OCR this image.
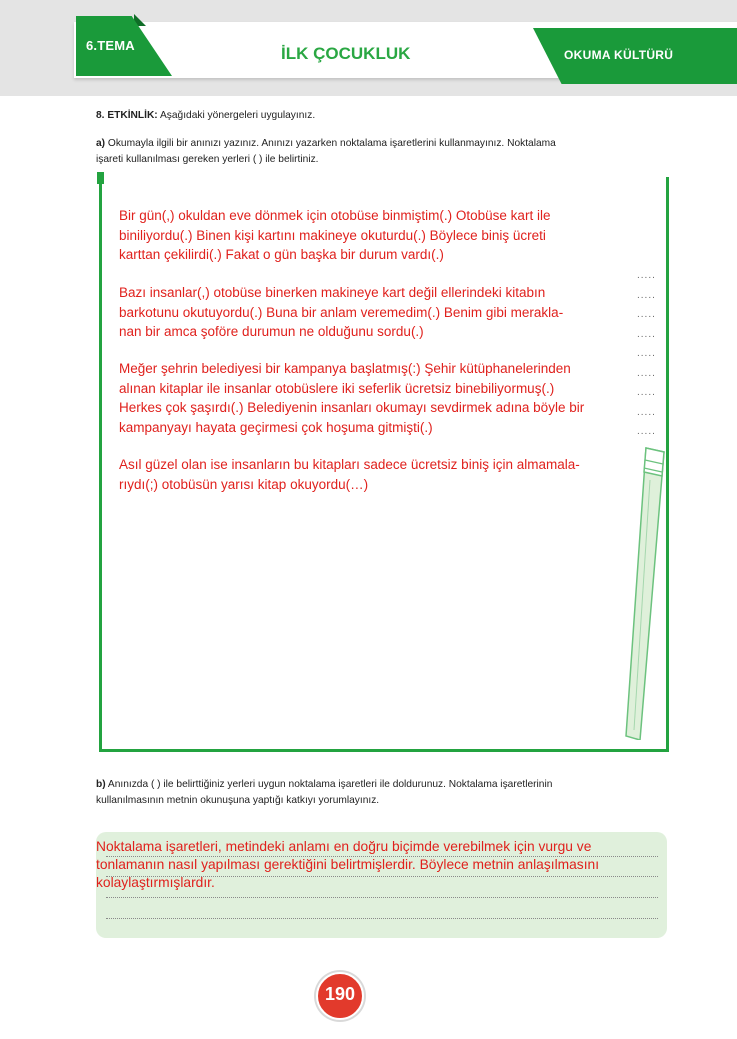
6.TEMA	İLK ÇOCUKLUK	OKUMA KÜLTÜRÜ
8. ETKİNLİK: Aşağıdaki yönergeleri uygulayınız.
a) Okumayla ilgili bir anınızı yazınız. Anınızı yazarken noktalama işaretlerini kullanmayınız. Noktalama
işareti kullanılması gereken yerleri ( ) ile belirtiniz.
Bir gün(,) okuldan eve dönmek için otobüse binmiştim(.) Otobüse kart ile
biniliyordu(.) Binen kişi kartını makineye okuturdu(.) Böylece biniş ücreti
karttan çekilirdi(.) Fakat o gün başka bir durum vardı(.)
Bazı insanlar(,) otobüse binerken makineye kart değil ellerindeki kitabın
barkotunu okutuyordu(.) Buna bir anlam veremedim(.) Benim gibi merakla-
nan bir amca şoföre durumun ne olduğunu sordu(.)
Meğer şehrin belediyesi bir kampanya başlatmış(:) Şehir kütüphanelerinden
alınan kitaplar ile insanlar otobüslere iki seferlik ücretsiz binebiliyormuş(.)
Herkes çok şaşırdı(.) Belediyenin insanları okumayı sevdirmek adına böyle bir
kampanyayı hayata geçirmesi çok hoşuma gitmişti(.)
Asıl güzel olan ise insanların bu kitapları sadece ücretsiz biniş için almamala-
rıydı(;) otobüsün yarısı kitap okuyordu(…)
.....
.....
.....
.....
.....
.....
.....
.....
.....
b) Anınızda ( ) ile belirttiğiniz yerleri uygun noktalama işaretleri ile doldurunuz. Noktalama işaretlerinin
kullanılmasının metnin okunuşuna yaptığı katkıyı yorumlayınız.
Noktalama işaretleri, metindeki anlamı en doğru biçimde verebilmek için vurgu ve
tonlamanın nasıl yapılması gerektiğini belirtmişlerdir. Böylece metnin anlaşılmasını
kolaylaştırmışlardır.
190
